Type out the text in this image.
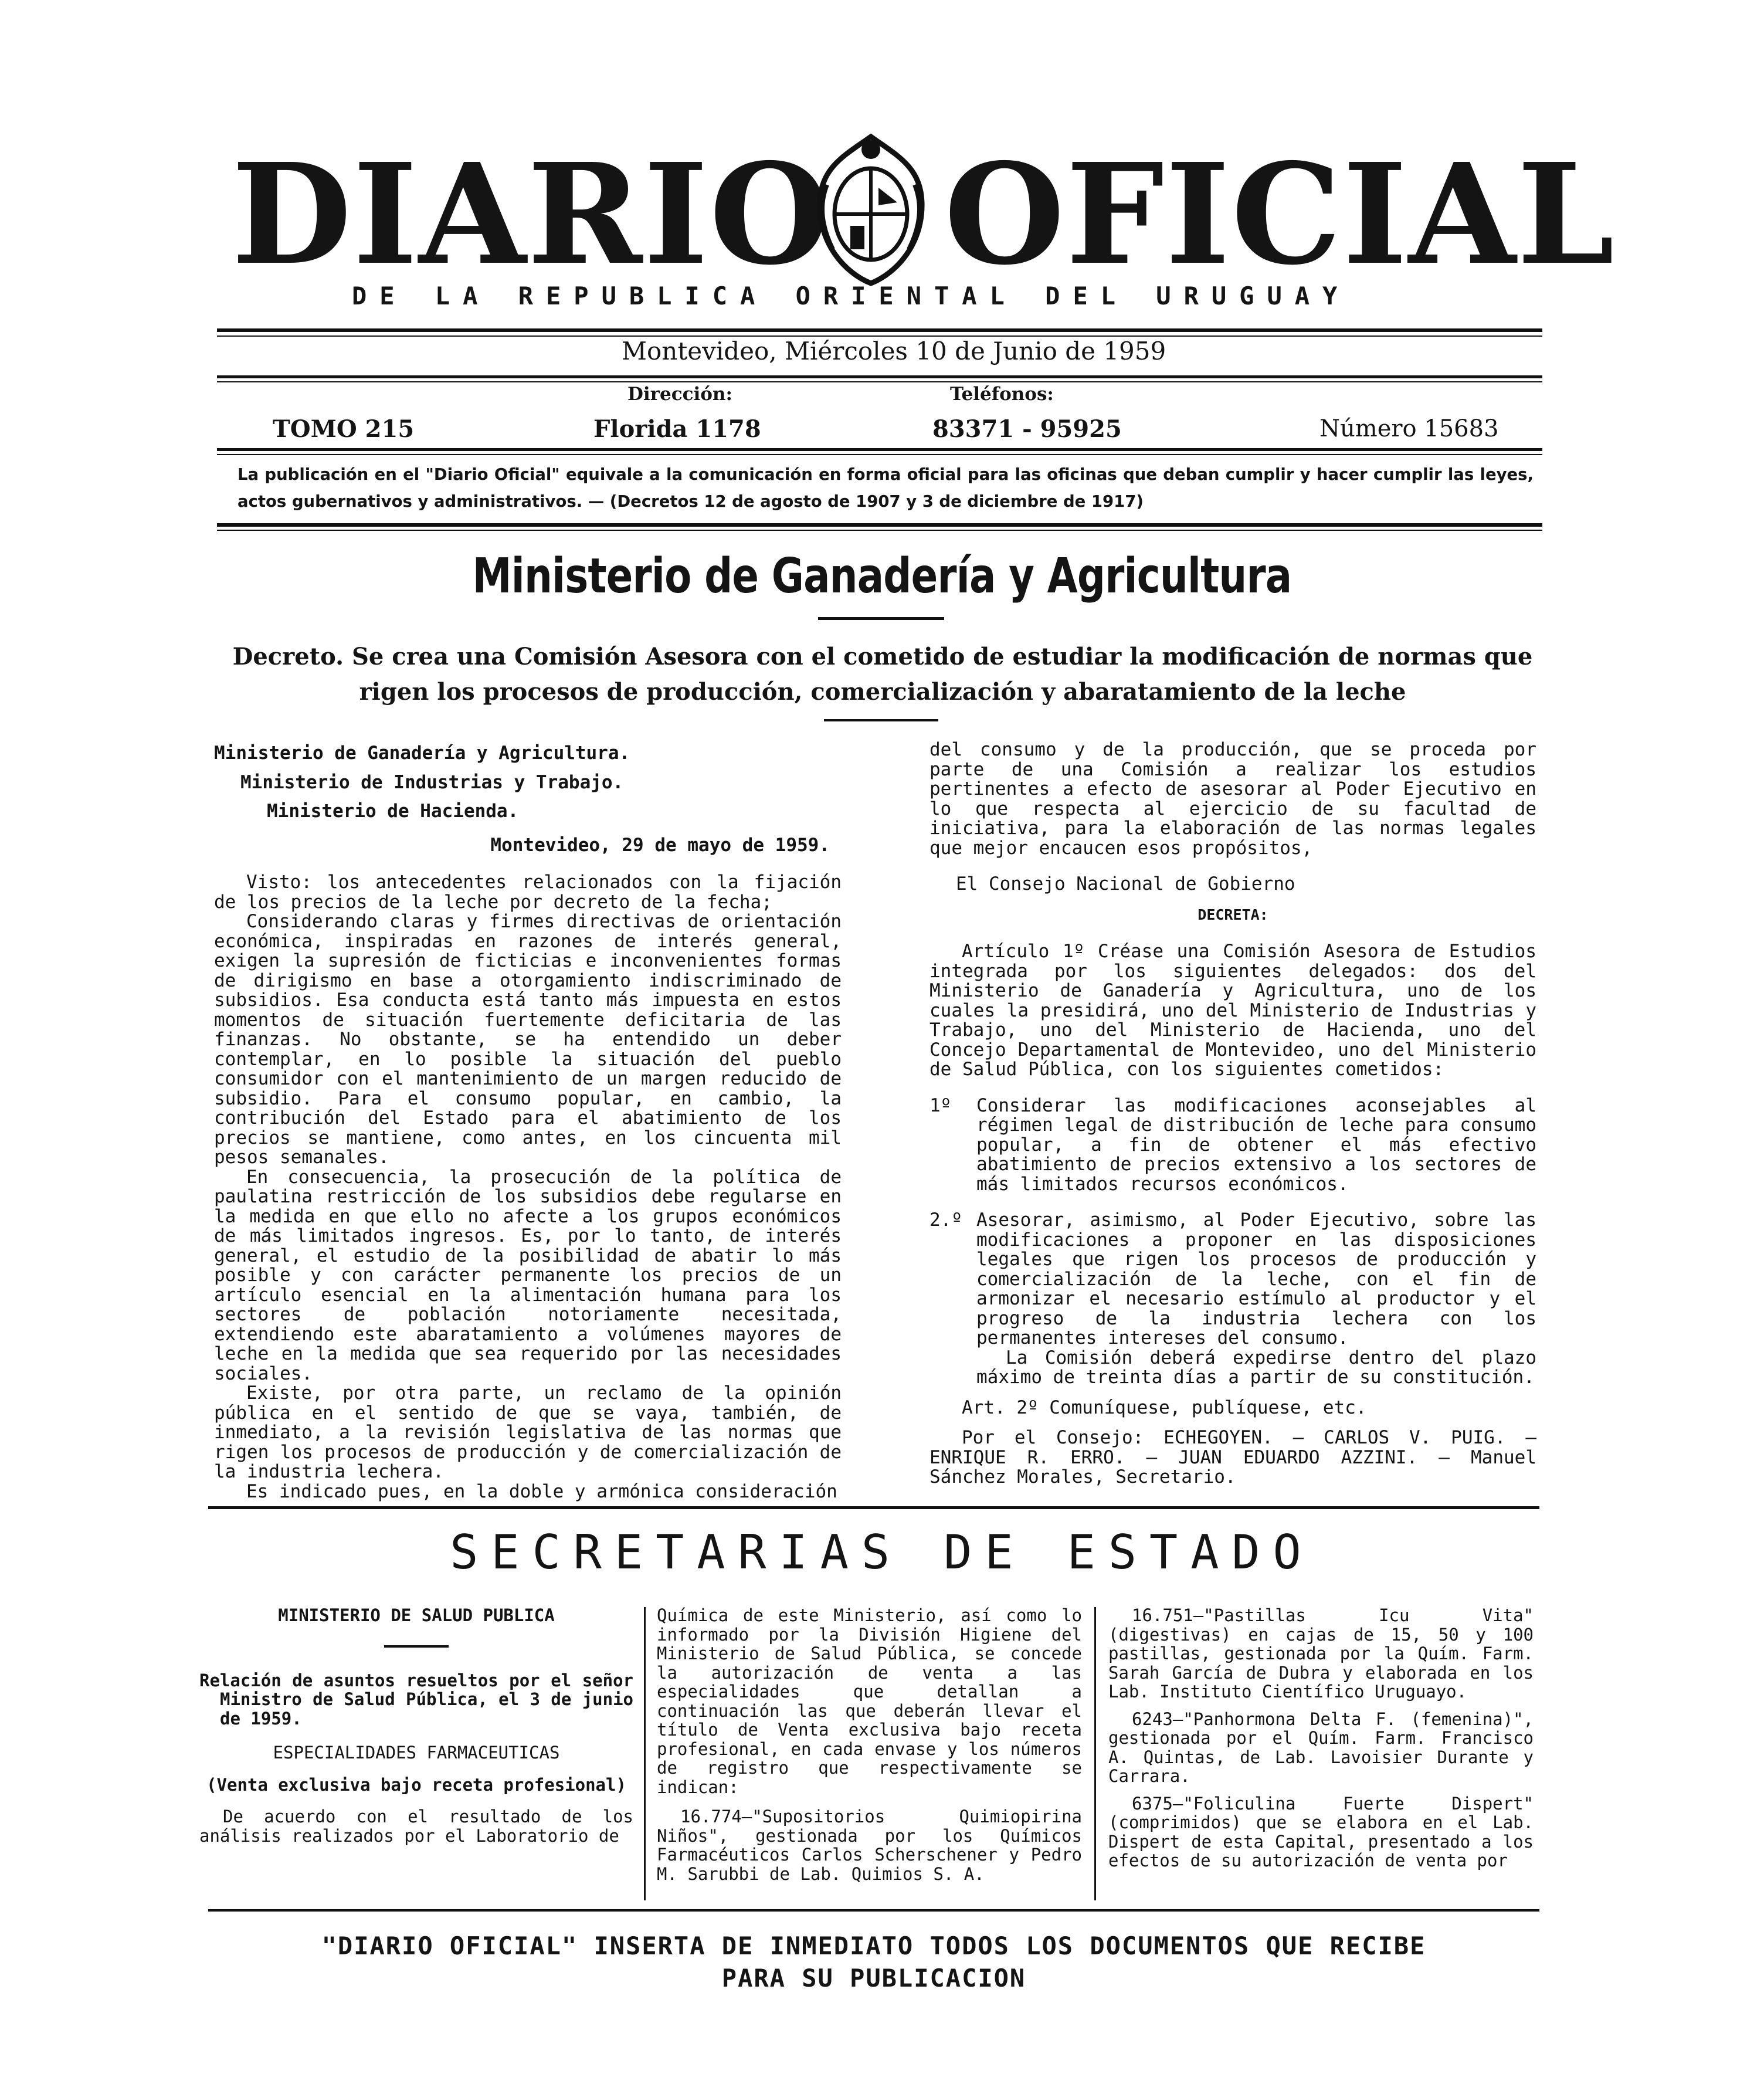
DIARIO OFICIAL
DE LA REPUBLICA ORIENTAL DEL URUGUAY
Montevideo, Miércoles 10 de Junio de 1959
Dirección:	Teléfonos:
TOMO 215	Florida 1178	83371 - 95925	Número 15683
La publicación en el "Diario Oficial" equivale a la comunicación en forma oficial para las oficinas que deban cumplir y hacer cumplir las leyes, actos gubernativos y administrativos. — (Decretos 12 de agosto de 1907 y 3 de diciembre de 1917)
Ministerio de Ganadería y Agricultura
Decreto. Se crea una Comisión Asesora con el cometido de estudiar la modificación de normas que rigen los procesos de producción, comercialización y abaratamiento de la leche

Ministerio de Ganadería y Agricultura.

Ministerio de Industrias y Trabajo.

Ministerio de Hacienda.

Montevideo, 29 de mayo de 1959.

Visto: los antecedentes relacionados con la fijación de los precios de la leche por decreto de la fecha;

Considerando claras y firmes directivas de orientación económica, inspiradas en razones de interés general, exigen la supresión de ficticias e inconvenientes formas de dirigismo en base a otorgamiento indiscriminado de subsidios. Esa conducta está tanto más impuesta en estos momentos de situación fuertemente deficitaria de las finanzas. No obstante, se ha entendido un deber contemplar, en lo posible la situación del pueblo consumidor con el mantenimiento de un margen reducido de subsidio. Para el consumo popular, en cambio, la contribución del Estado para el abatimiento de los precios se mantiene, como antes, en los cincuenta mil pesos semanales.

En consecuencia, la prosecución de la política de paulatina restricción de los subsidios debe regularse en la medida en que ello no afecte a los grupos económicos de más limitados ingresos. Es, por lo tanto, de interés general, el estudio de la posibilidad de abatir lo más posible y con carácter permanente los precios de un artículo esencial en la alimentación humana para los sectores de población notoriamente necesitada, extendiendo este abaratamiento a volúmenes mayores de leche en la medida que sea requerido por las necesidades sociales.

Existe, por otra parte, un reclamo de la opinión pública en el sentido de que se vaya, también, de inmediato, a la revisión legislativa de las normas que rigen los procesos de producción y de comercialización de la industria lechera.

Es indicado pues, en la doble y armónica consideración

del consumo y de la producción, que se proceda por parte de una Comisión a realizar los estudios pertinentes a efecto de asesorar al Poder Ejecutivo en lo que respecta al ejercicio de su facultad de iniciativa, para la elaboración de las normas legales que mejor encaucen esos propósitos,

El Consejo Nacional de Gobierno

DECRETA:

Artículo 1º Créase una Comisión Asesora de Estudios integrada por los siguientes delegados: dos del Ministerio de Ganadería y Agricultura, uno de los cuales la presidirá, uno del Ministerio de Industrias y Trabajo, uno del Ministerio de Hacienda, uno del Concejo Departamental de Montevideo, uno del Ministerio de Salud Pública, con los siguientes cometidos:

1º	Considerar las modificaciones aconsejables al régimen legal de distribución de leche para consumo popular, a fin de obtener el más efectivo abatimiento de precios extensivo a los sectores de más limitados recursos económicos.

2.º Asesorar, asimismo, al Poder Ejecutivo, sobre las modificaciones a proponer en las disposiciones legales que rigen los procesos de producción y comercialización de la leche, con el fin de armonizar el necesario estímulo al productor y el progreso de la industria lechera con los permanentes intereses del consumo.

La Comisión deberá expedirse dentro del plazo máximo de treinta días a partir de su constitución.

Art. 2º Comuníquese, publíquese, etc.

Por el Consejo: ECHEGOYEN. — CARLOS V. PUIG. — ENRIQUE R. ERRO. — JUAN EDUARDO AZZINI. — Manuel Sánchez Morales, Secretario.

SECRETARIAS DE ESTADO

MINISTERIO DE SALUD PUBLICA

Relación de asuntos resueltos por el señor Ministro de Salud Pública, el 3 de junio de 1959.

ESPECIALIDADES FARMACEUTICAS

(Venta exclusiva bajo receta profesional)

De acuerdo con el resultado de los análisis realizados por el Laboratorio de

Química de este Ministerio, así como lo informado por la División Higiene del Ministerio de Salud Pública, se concede la autorización de venta a las especialidades que detallan a continuación las que deberán llevar el título de Venta exclusiva bajo receta profesional, en cada envase y los números de registro que respectivamente se indican:

16.774—"Supositorios Quimiopirina Niños", gestionada por los Químicos Farmacéuticos Carlos Scherschener y Pedro M. Sarubbi de Lab. Quimios S. A.

16.751—"Pastillas Icu Vita" (digestivas) en cajas de 15, 50 y 100 pastillas, gestionada por la Quím. Farm. Sarah García de Dubra y elaborada en los Lab. Instituto Científico Uruguayo.

6243—"Panhormona Delta F. (femenina)", gestionada por el Quím. Farm. Francisco A. Quintas, de Lab. Lavoisier Durante y Carrara.

6375—"Foliculina Fuerte Dispert" (comprimidos) que se elabora en el Lab. Dispert de esta Capital, presentado a los efectos de su autorización de venta por

"DIARIO OFICIAL" INSERTA DE INMEDIATO TODOS LOS DOCUMENTOS QUE RECIBE
PARA SU PUBLICACION
